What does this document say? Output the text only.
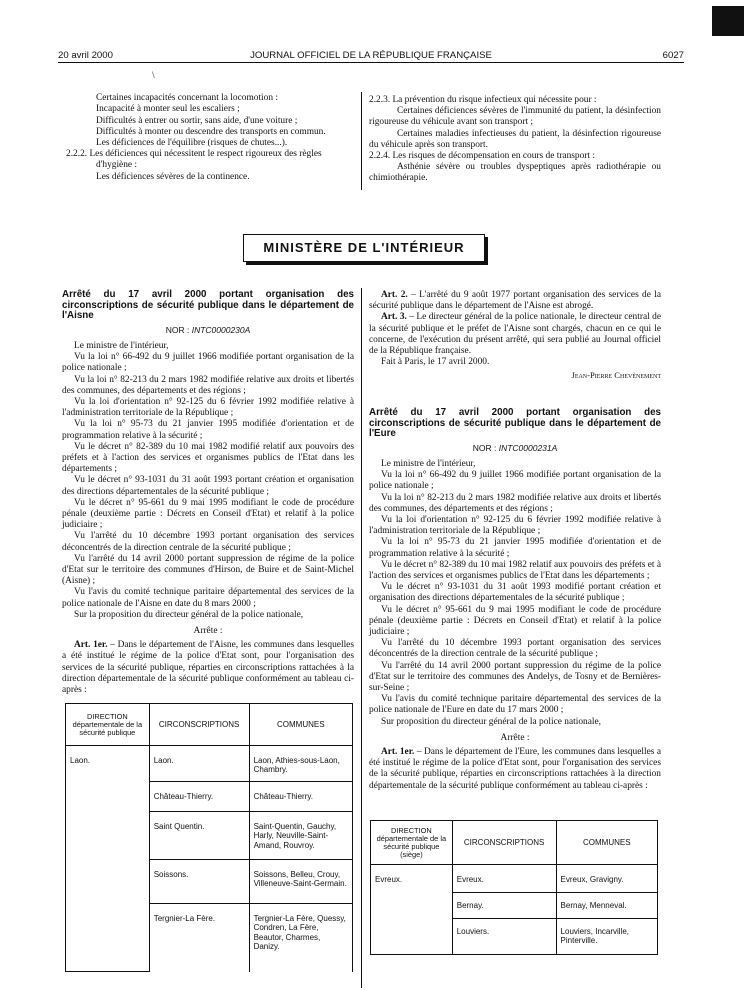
20 avril 2000	JOURNAL OFFICIEL DE LA RÉPUBLIQUE FRANÇAISE	6027

\

Certaines incapacités concernant la locomotion :

Incapacité à monter seul les escaliers ;

Difficultés à entrer ou sortir, sans aide, d'une voiture ;

Difficultés à monter ou descendre des transports en commun.

Les déficiences de l'équilibre (risques de chutes...).

2.2.2. Les déficiences qui nécessitent le respect rigoureux des règles d'hygiène :

Les déficiences sévères de la continence.

2.2.3. La prévention du risque infectieux qui nécessite pour :

Certaines déficiences sévères de l'immunité du patient, la désinfection rigoureuse du véhicule avant son transport ;

Certaines maladies infectieuses du patient, la désinfection rigoureuse du véhicule après son transport.

2.2.4. Les risques de décompensation en cours de transport :

Asthénie sévère ou troubles dyspeptiques après radiothérapie ou chimiothérapie.

MINISTÈRE DE L'INTÉRIEUR

Arrêté du 17 avril 2000 portant organisation des circonscriptions de sécurité publique dans le département de l'Aisne

NOR : INTC0000230A

Le ministre de l'intérieur,

Vu la loi n° 66-492 du 9 juillet 1966 modifiée portant organisation de la police nationale ;

Vu la loi n° 82-213 du 2 mars 1982 modifiée relative aux droits et libertés des communes, des départements et des régions ;

Vu la loi d'orientation n° 92-125 du 6 février 1992 modifiée relative à l'administration territoriale de la République ;

Vu la loi n° 95-73 du 21 janvier 1995 modifiée d'orientation et de programmation relative à la sécurité ;

Vu le décret n° 82-389 du 10 mai 1982 modifié relatif aux pouvoirs des préfets et à l'action des services et organismes publics de l'Etat dans les départements ;

Vu le décret n° 93-1031 du 31 août 1993 portant création et organisation des directions départementales de la sécurité publique ;

Vu le décret n° 95-661 du 9 mai 1995 modifiant le code de procédure pénale (deuxième partie : Décrets en Conseil d'Etat) et relatif à la police judiciaire ;

Vu l'arrêté du 10 décembre 1993 portant organisation des services déconcentrés de la direction centrale de la sécurité publique ;

Vu l'arrêté du 14 avril 2000 portant suppression de régime de la police d'Etat sur le territoire des communes d'Hirson, de Buire et de Saint-Michel (Aisne) ;

Vu l'avis du comité technique paritaire départemental des services de la police nationale de l'Aisne en date du 8 mars 2000 ;

Sur la proposition du directeur général de la police nationale,

Arrête :

Art. 1er. – Dans le département de l'Aisne, les communes dans lesquelles a été institué le régime de la police d'Etat sont, pour l'organisation des services de la sécurité publique, réparties en circonscriptions rattachées à la direction départementale de la sécurité publique conformément au tableau ci-après :

DIRECTION départementale de la sécurité publique	CIRCONSCRIPTIONS	COMMUNES
Laon.	Laon.	Laon, Athies-sous-Laon, Chambry.
	Château-Thierry.	Château-Thierry.
	Saint Quentin.	Saint-Quentin, Gauchy, Harly, Neuville-Saint-Amand, Rouvroy.
	Soissons.	Soissons, Belleu, Crouy, Villeneuve-Saint-Germain.
	Tergnier-La Fère.	Tergnier-La Fère, Quessy, Condren, La Fère, Beautor, Charmes, Danizy.

Art. 2. – L'arrêté du 9 août 1977 portant organisation des services de la sécurité publique dans le département de l'Aisne est abrogé.

Art. 3. – Le directeur général de la police nationale, le directeur central de la sécurité publique et le préfet de l'Aisne sont chargés, chacun en ce qui le concerne, de l'exécution du présent arrêté, qui sera publié au Journal officiel de la République française.

Fait à Paris, le 17 avril 2000.

Jean-Pierre Chevènement

Arrêté du 17 avril 2000 portant organisation des circonscriptions de sécurité publique dans le département de l'Eure

NOR : INTC0000231A

Le ministre de l'intérieur,

Vu la loi n° 66-492 du 9 juillet 1966 modifiée portant organisation de la police nationale ;

Vu la loi n° 82-213 du 2 mars 1982 modifiée relative aux droits et libertés des communes, des départements et des régions ;

Vu la loi d'orientation n° 92-125 du 6 février 1992 modifiée relative à l'administration territoriale de la République ;

Vu la loi n° 95-73 du 21 janvier 1995 modifiée d'orientation et de programmation relative à la sécurité ;

Vu le décret n° 82-389 du 10 mai 1982 relatif aux pouvoirs des préfets et à l'action des services et organismes publics de l'Etat dans les départements ;

Vu le décret n° 93-1031 du 31 août 1993 modifié portant création et organisation des directions départementales de la sécurité publique ;

Vu le décret n° 95-661 du 9 mai 1995 modifiant le code de procédure pénale (deuxième partie : Décrets en Conseil d'Etat) et relatif à la police judiciaire ;

Vu l'arrêté du 10 décembre 1993 portant organisation des services déconcentrés de la direction centrale de la sécurité publique ;

Vu l'arrêté du 14 avril 2000 portant suppression du régime de la police d'Etat sur le territoire des communes des Andelys, de Tosny et de Bernières-sur-Seine ;

Vu l'avis du comité technique paritaire départemental des services de la police nationale de l'Eure en date du 17 mars 2000 ;

Sur proposition du directeur général de la police nationale,

Arrête :

Art. 1er. – Dans le département de l'Eure, les communes dans lesquelles a été institué le régime de la police d'Etat sont, pour l'organisation des services de la sécurité publique, réparties en circonscriptions rattachées à la direction départementale de la sécurité publique conformément au tableau ci-après :

DIRECTION départementale de la sécurité publique (siège)	CIRCONSCRIPTIONS	COMMUNES
Evreux.	Evreux.	Evreux, Gravigny.
	Bernay.	Bernay, Menneval.
	Louviers.	Louviers, Incarville, Pinterville.
